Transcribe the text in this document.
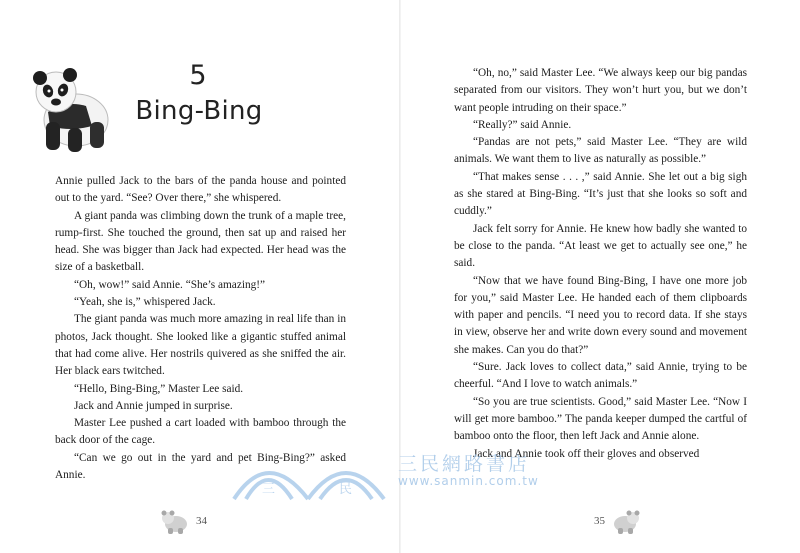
5
Bing-Bing

Annie pulled Jack to the bars of the panda house and pointed out to the yard. “See? Over there,” she whispered.

A giant panda was climbing down the trunk of a maple tree, rump-first. She touched the ground, then sat up and raised her head. She was bigger than Jack had expected. Her head was the size of a basketball.

“Oh, wow!” said Annie. “She’s amazing!”

“Yeah, she is,” whispered Jack.

The giant panda was much more amazing in real life than in photos, Jack thought. She looked like a gigantic stuffed animal that had come alive. Her nostrils quivered as she sniffed the air. Her black ears twitched.

“Hello, Bing-Bing,” Master Lee said.

Jack and Annie jumped in surprise.

Master Lee pushed a cart loaded with bamboo through the back door of the cage.

“Can we go out in the yard and pet Bing-Bing?” asked Annie.

“Oh, no,” said Master Lee. “We always keep our big pandas separated from our visitors. They won’t hurt you, but we don’t want people intruding on their space.”

“Really?” said Annie.

“Pandas are not pets,” said Master Lee. “They are wild animals. We want them to live as naturally as possible.”

“That makes sense . . . ,” said Annie. She let out a big sigh as she stared at Bing-Bing. “It’s just that she looks so soft and cuddly.”

Jack felt sorry for Annie. He knew how badly she wanted to be close to the panda. “At least we get to actually see one,” he said.

“Now that we have found Bing-Bing, I have one more job for you,” said Master Lee. He handed each of them clipboards with paper and pencils. “I need you to record data. If she stays in view, observe her and write down every sound and movement she makes. Can you do that?”

“Sure. Jack loves to collect data,” said Annie, trying to be cheerful. “And I love to watch animals.”

“So you are true scientists. Good,” said Master Lee. “Now I will get more bamboo.” The panda keeper dumped the cartful of bamboo onto the floor, then left Jack and Annie alone.

Jack and Annie took off their gloves and observed

三	民
三民網路書店
www.sanmin.com.tw
34	35
